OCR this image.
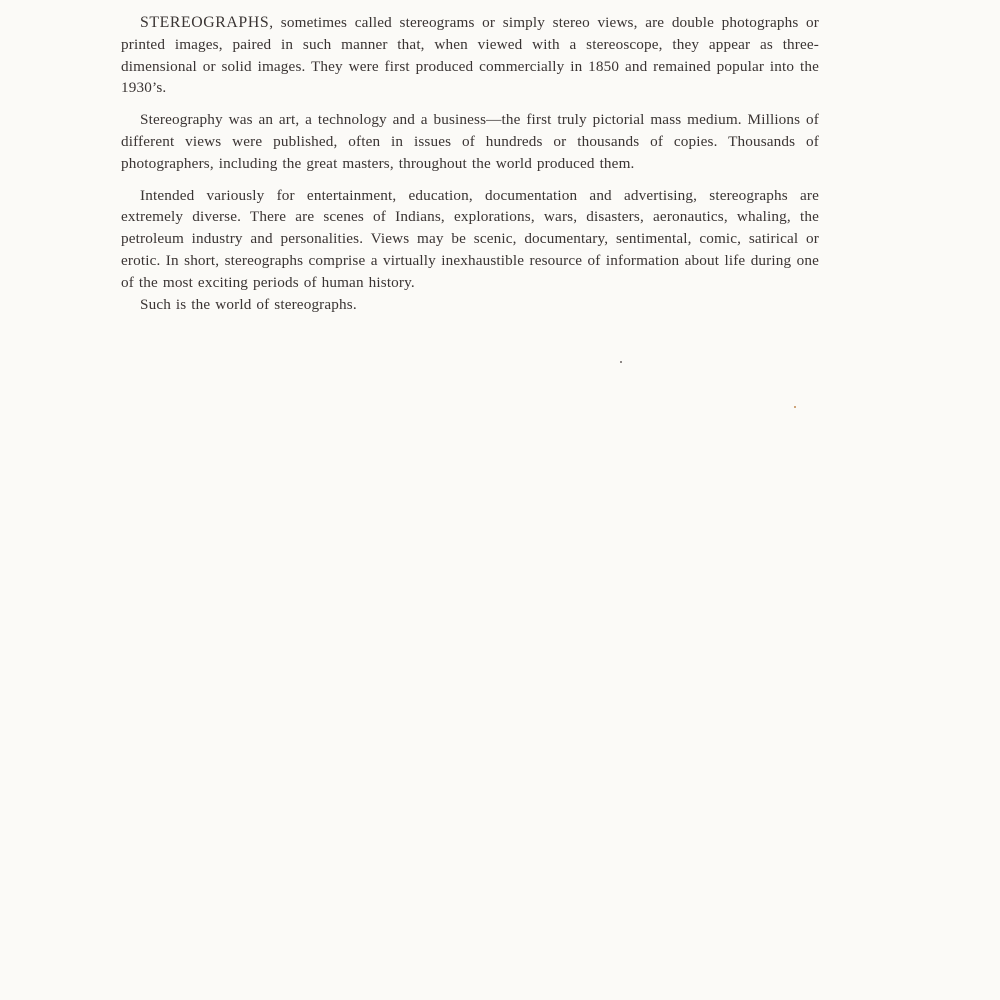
STEREOGRAPHS, sometimes called stereograms or simply stereo views, are double photographs or printed images, paired in such manner that, when viewed with a stereoscope, they appear as three-dimensional or solid images. They were first produced commercially in 1850 and remained popular into the 1930’s.

Stereography was an art, a technology and a business—the first truly pictorial mass medium. Millions of different views were published, often in issues of hundreds or thousands of copies. Thousands of photographers, including the great masters, throughout the world produced them.

Intended variously for entertainment, education, documentation and advertising, stereographs are extremely diverse. There are scenes of Indians, explorations, wars, disasters, aeronautics, whaling, the petroleum industry and personalities. Views may be scenic, documentary, sentimental, comic, satirical or erotic. In short, stereographs comprise a virtually inexhaustible resource of information about life during one of the most exciting periods of human history.

Such is the world of stereographs.
